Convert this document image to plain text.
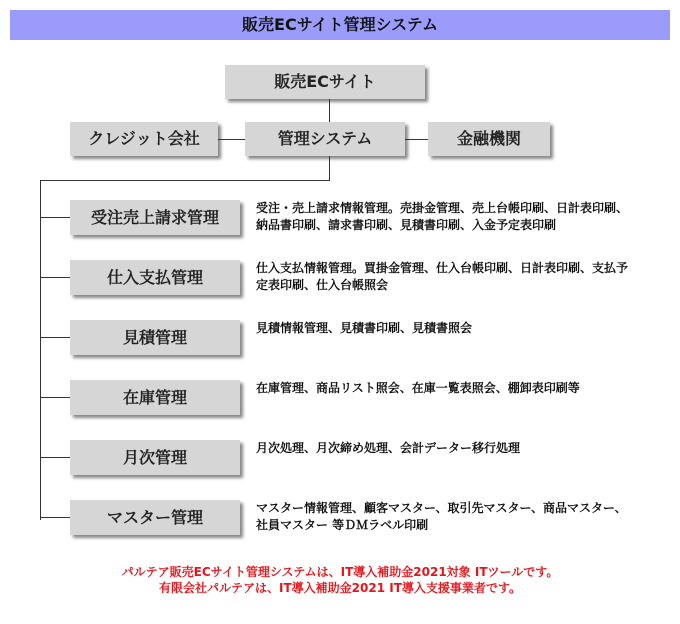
販売ECサイト管理システム
販売ECサイト
クレジット会社	管理システム	金融機関
受注売上請求管理	受注・売上請求情報管理。売掛金管理、売上台帳印刷、日計表印刷、納品書印刷、請求書印刷、見積書印刷、入金予定表印刷
仕入支払管理	仕入支払情報管理。買掛金管理、仕入台帳印刷、日計表印刷、支払予定表印刷、仕入台帳照会
見積管理	見積情報管理、見積書印刷、見積書照会
在庫管理	在庫管理、商品リスト照会、在庫一覧表照会、棚卸表印刷等
月次管理	月次処理、月次締め処理、会計データー移行処理
マスター管理	マスター情報管理、顧客マスター、取引先マスター、商品マスター、社員マスター 等ＤＭラベル印刷
パルテア販売ECサイト管理システムは、IT導入補助金2021対象 ITツールです。
有限会社パルテアは、IT導入補助金2021 IT導入支援事業者です。
